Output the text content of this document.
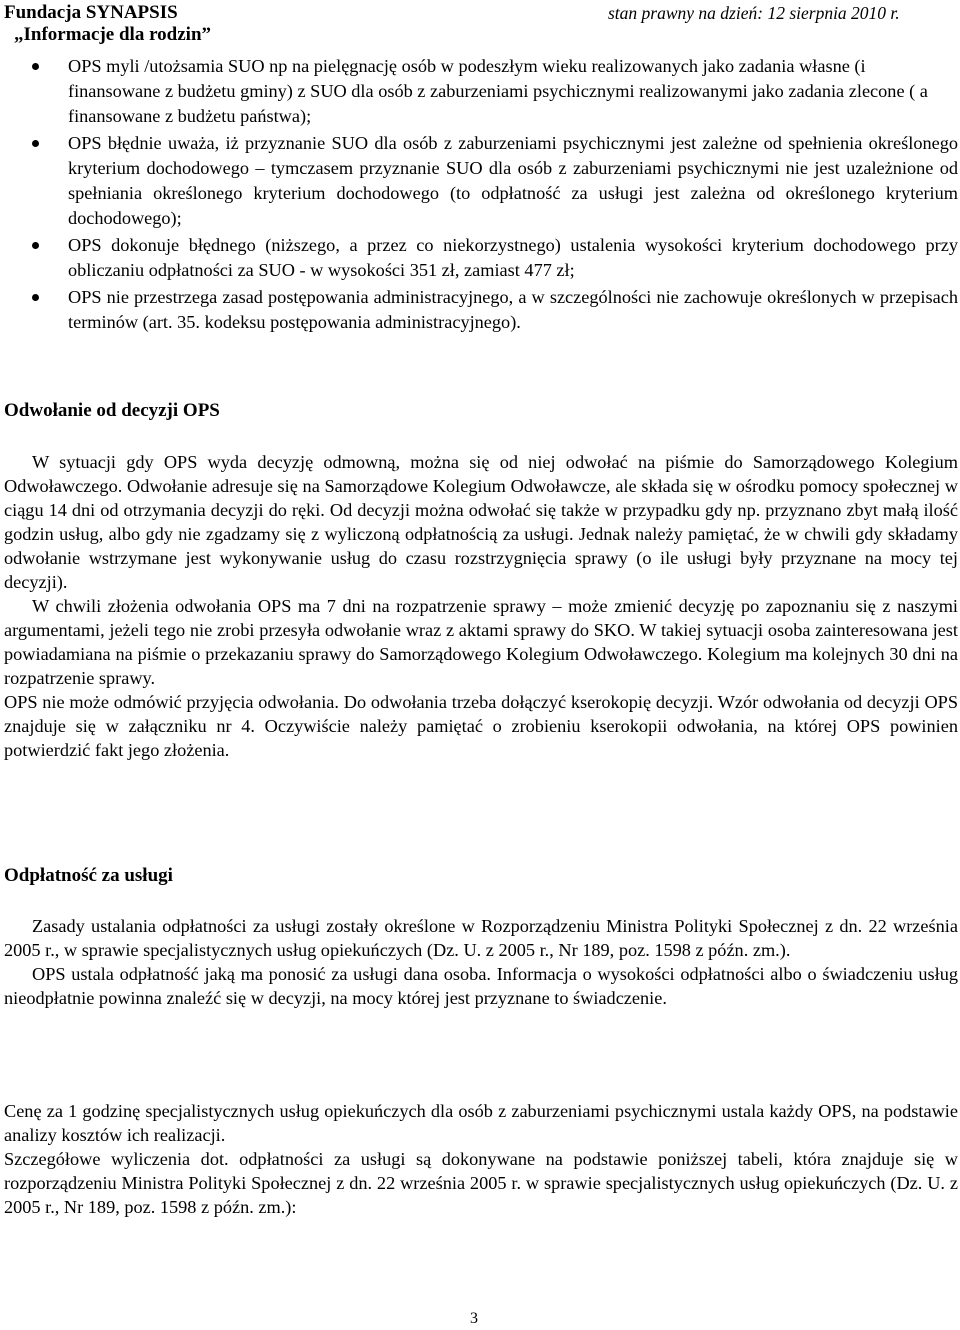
Fundacja SYNAPSIS	stan prawny na dzień: 12 sierpnia 2010 r.
„Informacje dla rodzin”
OPS myli /utożsamia SUO np na pielęgnację osób w podeszłym wieku realizowanych jako zadania własne (i finansowane z budżetu gminy) z SUO dla osób z zaburzeniami psychicznymi realizowanymi jako zadania zlecone ( a finansowane z budżetu państwa);
OPS błędnie uważa, iż przyznanie SUO dla osób z zaburzeniami psychicznymi jest zależne od spełnienia określonego kryterium dochodowego – tymczasem przyznanie SUO dla osób z zaburzeniami psychicznymi nie jest uzależnione od spełniania określonego kryterium dochodowego (to odpłatność za usługi jest zależna od określonego kryterium dochodowego);
OPS dokonuje błędnego (niższego, a przez co niekorzystnego) ustalenia wysokości kryterium dochodowego przy obliczaniu odpłatności za SUO - w wysokości 351 zł, zamiast 477 zł;
OPS nie przestrzega zasad postępowania administracyjnego, a w szczególności nie zachowuje określonych w przepisach terminów (art. 35. kodeksu postępowania administracyjnego).
Odwołanie od decyzji OPS

W sytuacji gdy OPS wyda decyzję odmowną, można się od niej odwołać na piśmie do Samorządowego Kolegium Odwoławczego. Odwołanie adresuje się na Samorządowe Kolegium Odwoławcze, ale składa się w ośrodku pomocy społecznej w ciągu 14 dni od otrzymania decyzji do ręki. Od decyzji można odwołać się także w przypadku gdy np. przyznano zbyt małą ilość godzin usług, albo gdy nie zgadzamy się z wyliczoną odpłatnością za usługi. Jednak należy pamiętać, że w chwili gdy składamy odwołanie wstrzymane jest wykonywanie usług do czasu rozstrzygnięcia sprawy (o ile usługi były przyznane na mocy tej decyzji).

W chwili złożenia odwołania OPS ma 7 dni na rozpatrzenie sprawy – może zmienić decyzję po zapoznaniu się z naszymi argumentami, jeżeli tego nie zrobi przesyła odwołanie wraz z aktami sprawy do SKO. W takiej sytuacji osoba zainteresowana jest powiadamiana na piśmie o przekazaniu sprawy do Samorządowego Kolegium Odwoławczego. Kolegium ma kolejnych 30 dni na rozpatrzenie sprawy.

OPS nie może odmówić przyjęcia odwołania. Do odwołania trzeba dołączyć kserokopię decyzji. Wzór odwołania od decyzji OPS znajduje się w załączniku nr 4. Oczywiście należy pamiętać o zrobieniu kserokopii odwołania, na której OPS powinien potwierdzić fakt jego złożenia.

Odpłatność za usługi

Zasady ustalania odpłatności za usługi zostały określone w Rozporządzeniu Ministra Polityki Społecznej z dn. 22 września 2005 r., w sprawie specjalistycznych usług opiekuńczych (Dz. U. z 2005 r., Nr 189, poz. 1598 z późn. zm.).

OPS ustala odpłatność jaką ma ponosić za usługi dana osoba. Informacja o wysokości odpłatności albo o świadczeniu usług nieodpłatnie powinna znaleźć się w decyzji, na mocy której jest przyznane to świadczenie.

Cenę za 1 godzinę specjalistycznych usług opiekuńczych dla osób z zaburzeniami psychicznymi ustala każdy OPS, na podstawie analizy kosztów ich realizacji.

Szczegółowe wyliczenia dot. odpłatności za usługi są dokonywane na podstawie poniższej tabeli, która znajduje się w rozporządzeniu Ministra Polityki Społecznej z dn. 22 września 2005 r. w sprawie specjalistycznych usług opiekuńczych (Dz. U. z 2005 r., Nr 189, poz. 1598 z późn. zm.):

3
